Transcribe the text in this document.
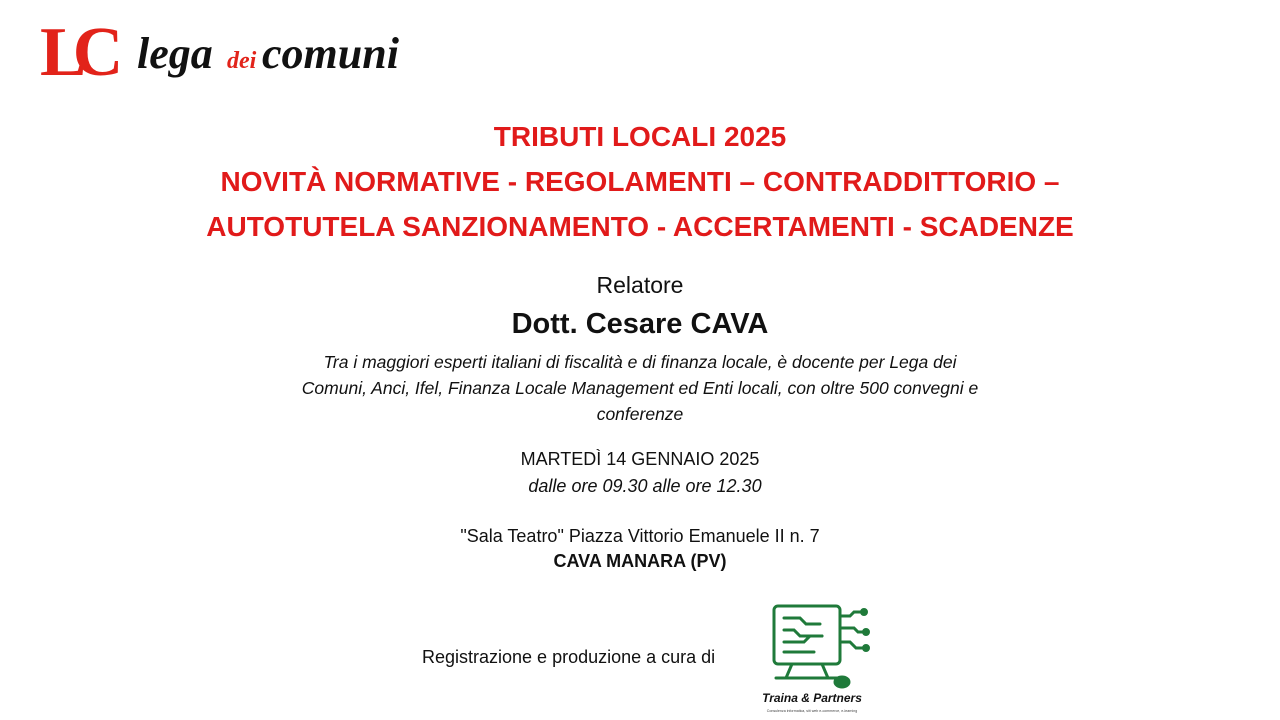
LC lega dei comuni
TRIBUTI LOCALI 2025
NOVITÀ NORMATIVE - REGOLAMENTI – CONTRADDITTORIO –
AUTOTUTELA SANZIONAMENTO - ACCERTAMENTI - SCADENZE
Relatore
Dott. Cesare CAVA
Tra i maggiori esperti italiani di fiscalità e di finanza locale, è docente per Lega dei Comuni, Anci, Ifel, Finanza Locale Management ed Enti locali, con oltre 500 convegni e conferenze
MARTEDÌ 14 GENNAIO 2025
dalle ore 09.30 alle ore 12.30
"Sala Teatro" Piazza Vittorio Emanuele II n. 7
CAVA MANARA (PV)
Registrazione e produzione a cura di
Traina & Partners
Consulenza informatica, siti web e-commerce, e-learning
